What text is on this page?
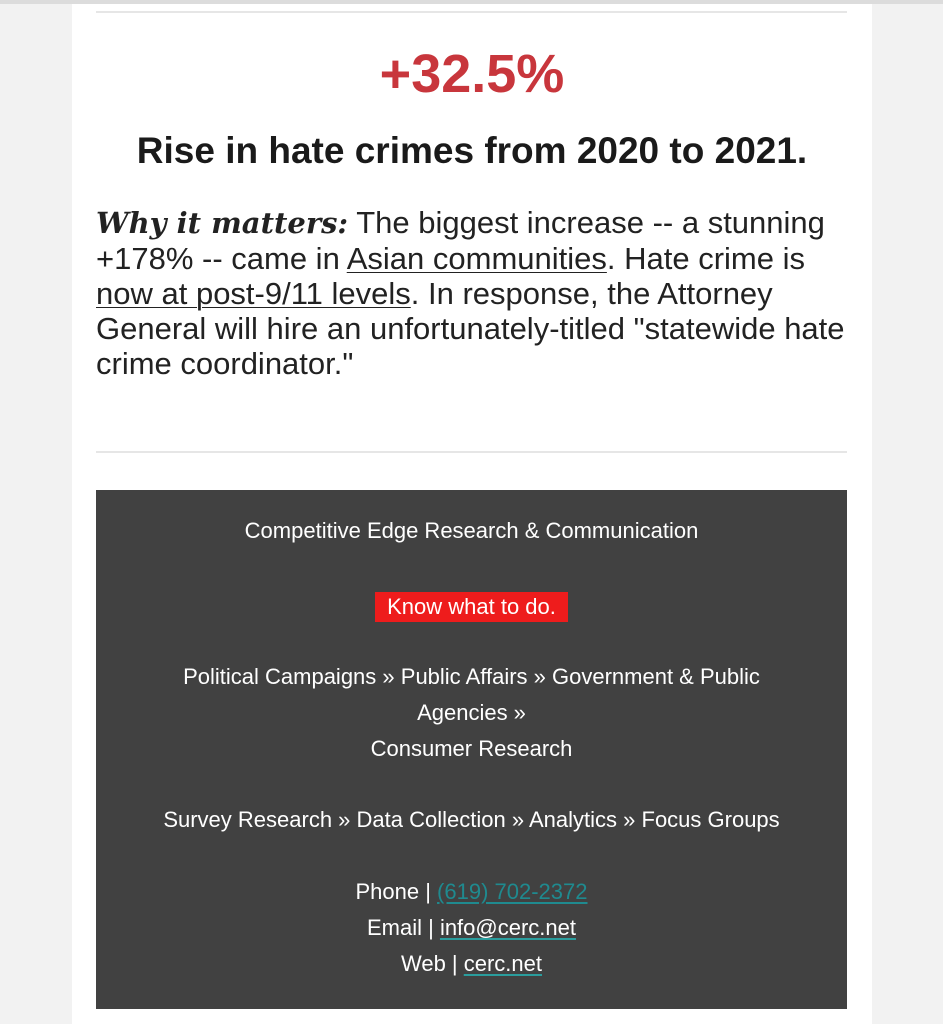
+32.5%
Rise in hate crimes from 2020 to 2021.
Why it matters: The biggest increase -- a stunning +178% -- came in Asian communities. Hate crime is now at post-9/11 levels. In response, the Attorney General will hire an unfortunately-titled "statewide hate crime coordinator."
Competitive Edge Research & Communication
Know what to do.
Political Campaigns » Public Affairs » Government & Public Agencies »
Consumer Research
Survey Research » Data Collection » Analytics » Focus Groups
Phone | (619) 702-2372
Email | info@cerc.net
Web | cerc.net
